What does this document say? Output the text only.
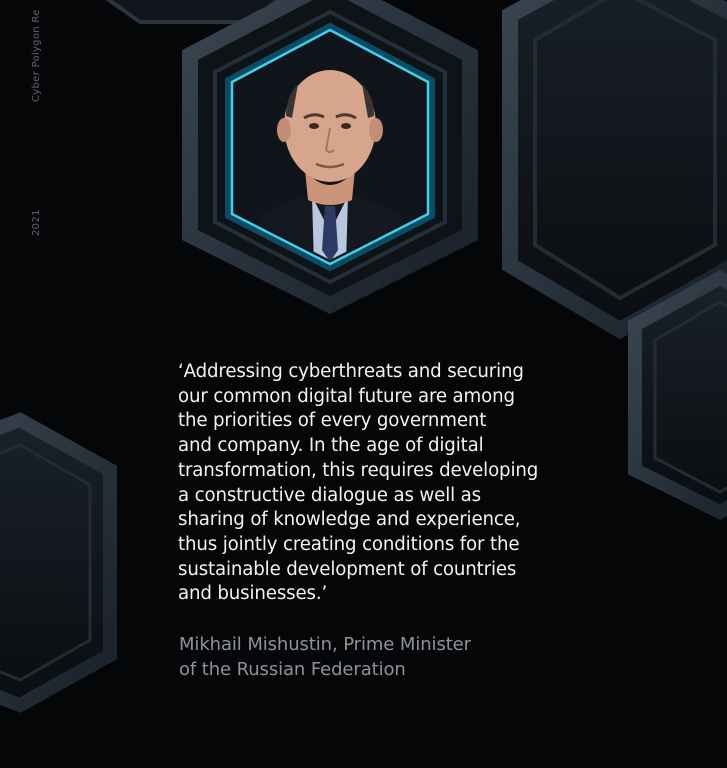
Cyber Polygon Re
2021

‘Addressing cyberthreats and securing
our common digital future are among
the priorities of every government
and company. In the age of digital
transformation, this requires developing
a constructive dialogue as well as
sharing of knowledge and experience,
thus jointly creating conditions for the
sustainable development of countries
and businesses.’

Mikhail Mishustin, Prime Minister
of the Russian Federation
